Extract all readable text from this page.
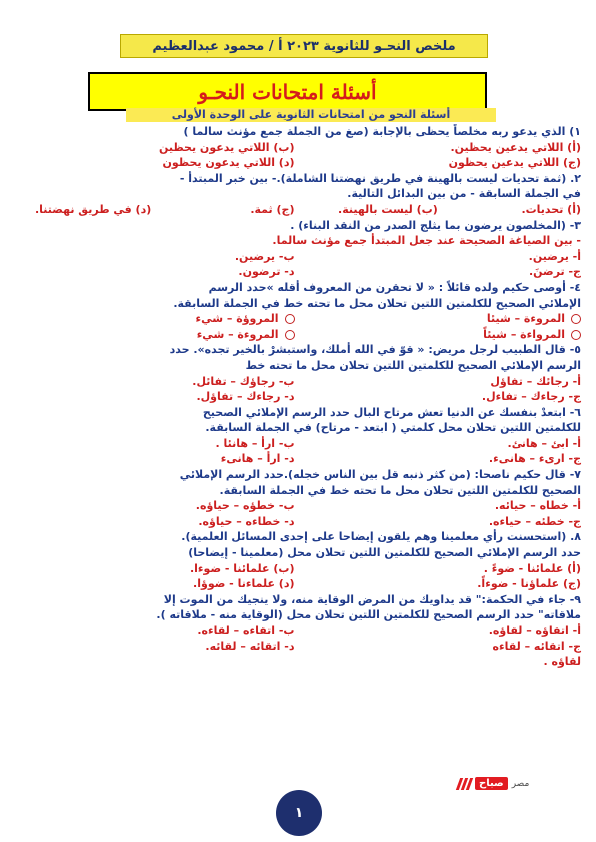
ملخص النحـو للثانوية ٢٠٢٣ أ / محمود عبدالعظيم
أسئلة امتحانات النحـو
أسئلة النحو من امتحانات الثانوية على الوحدة الأولى
١) الذي يدعو ربه مخلصاً يحظى بالإجابة (صغ من الجملة جمع مؤنث سالما )
(أ) اللاتي يدعين يحظين.
(ب) اللاتي يدعون يحظين
(ج) اللاتي يدعين يحظون
(د) اللاتي يدعون يحظون
٢. (ثمة تحديات ليست بالهينة في طريق نهضتنا الشاملة).- بين خبر المبتدأ -
في الجملة السابقة - من بين البدائل التالية.
(أ) تحديات.
(ب) ليست بالهينة.
(ج) ثمة.
(د) في طريق نهضتنا.
٣- (المخلصون يرضون بما يثلج الصدر من النقد البناء) .
- بين الصياغة الصحيحة عند جعل المبتدأ جمع مؤنث سالما.
أ- يرضين.
ب- يرضين.
ج- ترضنَ.
د- ترضون.
٤- أوصى حكيم ولده قائلاً : « لا تحقرن من المعروف أقله »حدد الرسم
الإملائي الصحيح للكلمتين اللتين تحلان محل ما تحته خط في الجملة السابقة.
المروءة – شيئا
المروؤة – شيء
المرواءة – شيئاً
المروءة – شيء
٥- قال الطبيب لرجل مريض: « قوّ في الله أملك، واستبشرْ بالخير تجده». حدد
الرسم الإملائي الصحيح للكلمتين اللتين تحلان محل ما تحته خط
أ- رجائك – تفاؤل
ب- رجاؤك – تفائل.
ج- رجاءك – تفاءل.
د- رجاءك – تفاؤل.
٦- ابتعدْ بنفسك عن الدنيا تعش مرتاح البال حدد الرسم الإملائي الصحيح
للكلمتين اللتين تحلان محل كلمتي ( ابتعد - مرتاح) في الجملة السابقة.
أ- ابئ – هانئ.
ب- ارأ – هانئا .
ج- ارىء – هانىء.
د- ارأ – هانىء
٧- قال حكيم ناصحا: (من كثر ذنبه قل بين الناس خجله).حدد الرسم الإملائي
الصحيح للكلمتين اللتين تحلان محل ما تحته خط في الجملة السابقة.
أ- خطاه – حيائه.
ب- خطؤه – حياؤه.
ج- خطئه – حياءه.
د- خطاءه – حياؤه.
٨. (استحسنت رأي معلمينا وهم يلقون إيضاحا على إحدى المسائل العلمية).
حدد الرسم الإملائي الصحيح للكلمتين اللتين تحلان محل (معلمينا - إيضاحا)
(أ) علمائنا - ضوءً .
(ب) علمائنا - ضوءا.
(ج) علماؤنا - ضوءاً.
(د) علماءنا - ضوؤا.
٩- جاء في الحكمة:" قد يداويك من المرض الوقاية منه، ولا ينجيك من الموت إلا
ملاقاته" حدد الرسم الصحيح للكلمتين اللتين تحلان محل (الوقاية منه - ملاقاته ).
أ- اتقاؤه – لقاؤه.
ب- اتقاءه – لقاءه.
ج- اتقائه – لقاءه
د- اتقائه – لقائه.
لقاؤه .
مصر
صباح
١
